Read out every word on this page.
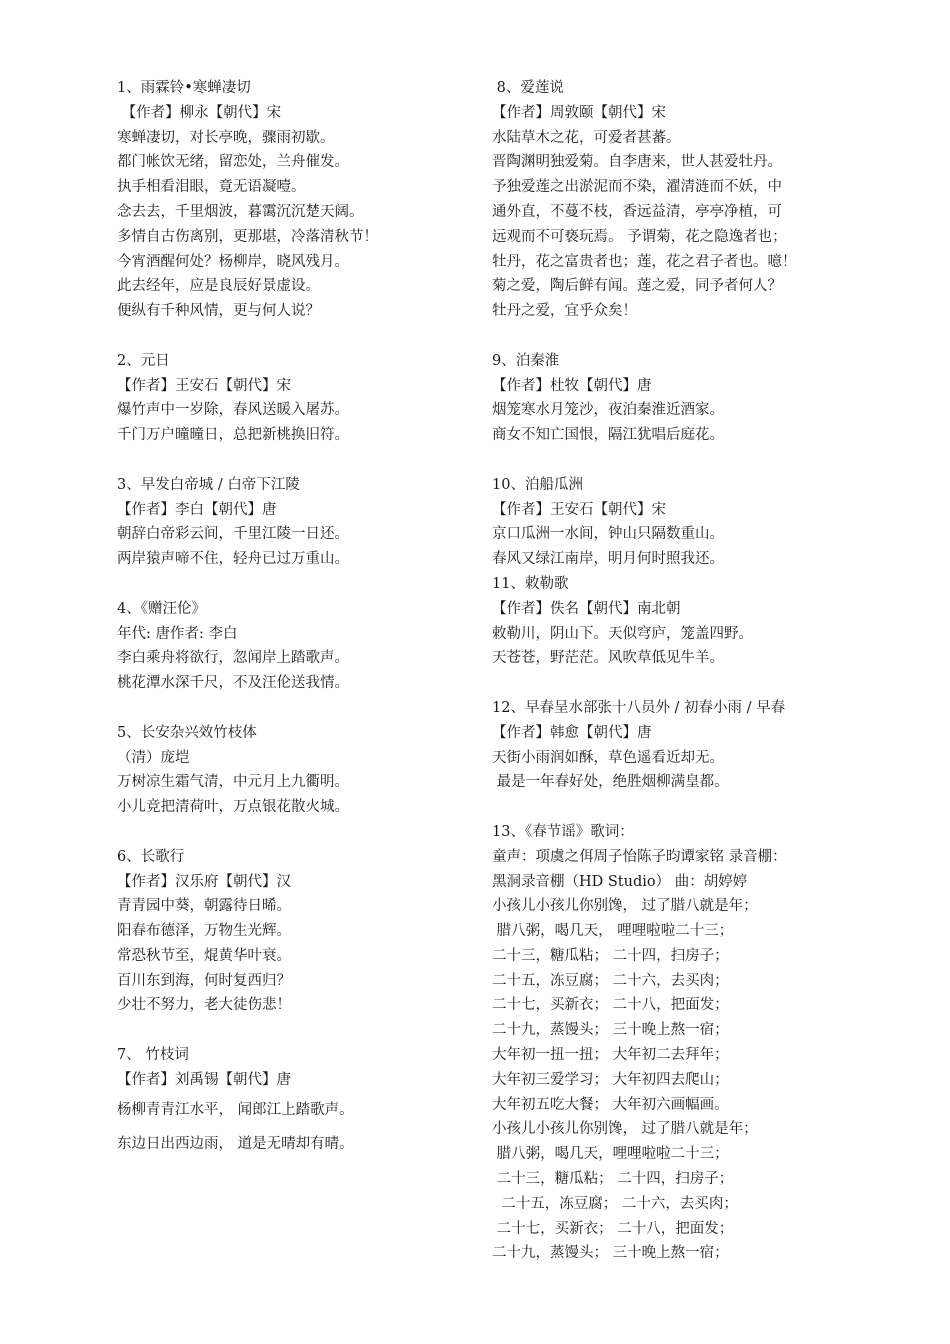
1、雨霖铃•寒蝉凄切
【作者】柳永【朝代】宋
寒蝉凄切，对长亭晚，骤雨初歇。
都门帐饮无绪，留恋处，兰舟催发。
执手相看泪眼，竟无语凝噎。
念去去，千里烟波，暮霭沉沉楚天阔。
多情自古伤离别，更那堪，冷落清秋节！
今宵酒醒何处？杨柳岸，晓风残月。
此去经年，应是良辰好景虚设。
便纵有千种风情，更与何人说？
2、元日
【作者】王安石【朝代】宋
爆竹声中一岁除，春风送暖入屠苏。
千门万户曈曈日，总把新桃换旧符。
3、早发白帝城 / 白帝下江陵
【作者】李白【朝代】唐
朝辞白帝彩云间，千里江陵一日还。
两岸猿声啼不住，轻舟已过万重山。
4、《赠汪伦》
年代: 唐作者: 李白
李白乘舟将欲行，忽闻岸上踏歌声。
桃花潭水深千尺，不及汪伦送我情。
5、长安杂兴效竹枝体
（清）庞垲
万树凉生霜气清，中元月上九衢明。
小儿竞把清荷叶，万点银花散火城。
6、长歌行
【作者】汉乐府【朝代】汉
青青园中葵，朝露待日晞。
阳春布德泽，万物生光辉。
常恐秋节至，焜黄华叶衰。
百川东到海，何时复西归？
少壮不努力，老大徒伤悲！
7、 竹枝词
【作者】刘禹锡【朝代】唐
杨柳青青江水平， 闻郎江上踏歌声。
东边日出西边雨， 道是无晴却有晴。
8、爱莲说
【作者】周敦颐【朝代】宋
水陆草木之花，可爱者甚蕃。
晋陶渊明独爱菊。自李唐来，世人甚爱牡丹。
予独爱莲之出淤泥而不染，濯清涟而不妖，中
通外直，不蔓不枝，香远益清，亭亭净植，可
远观而不可亵玩焉。 予谓菊，花之隐逸者也；
牡丹，花之富贵者也；莲，花之君子者也。噫！
菊之爱，陶后鲜有闻。莲之爱，同予者何人？
牡丹之爱，宜乎众矣！
9、泊秦淮
【作者】杜牧【朝代】唐
烟笼寒水月笼沙，夜泊秦淮近酒家。
商女不知亡国恨，隔江犹唱后庭花。
10、泊船瓜洲
【作者】王安石【朝代】宋
京口瓜洲一水间，钟山只隔数重山。
春风又绿江南岸，明月何时照我还。
11、敕勒歌
【作者】佚名【朝代】南北朝
敕勒川，阴山下。天似穹庐，笼盖四野。
天苍苍，野茫茫。风吹草低见牛羊。
12、早春呈水部张十八员外 / 初春小雨 / 早春
【作者】韩愈【朝代】唐
天街小雨润如酥，草色遥看近却无。
最是一年春好处，绝胜烟柳满皇都。
13、《春节谣》歌词：
童声：项虞之佴周子怡陈子昀谭家铭 录音棚：
黑洞录音棚（HD Studio） 曲：胡婷婷
小孩儿小孩儿你别馋， 过了腊八就是年；
腊八粥，喝几天， 哩哩啦啦二十三；
二十三，糖瓜粘； 二十四，扫房子；
二十五，冻豆腐； 二十六，去买肉；
二十七，买新衣； 二十八，把面发；
二十九，蒸馒头； 三十晚上熬一宿；
大年初一扭一扭； 大年初二去拜年；
大年初三爱学习； 大年初四去爬山；
大年初五吃大餐； 大年初六画幅画。
小孩儿小孩儿你别馋， 过了腊八就是年；
腊八粥，喝几天，哩哩啦啦二十三；
二十三，糖瓜粘； 二十四，扫房子；
二十五，冻豆腐； 二十六，去买肉；
二十七，买新衣； 二十八，把面发；
二十九，蒸馒头； 三十晚上熬一宿；
